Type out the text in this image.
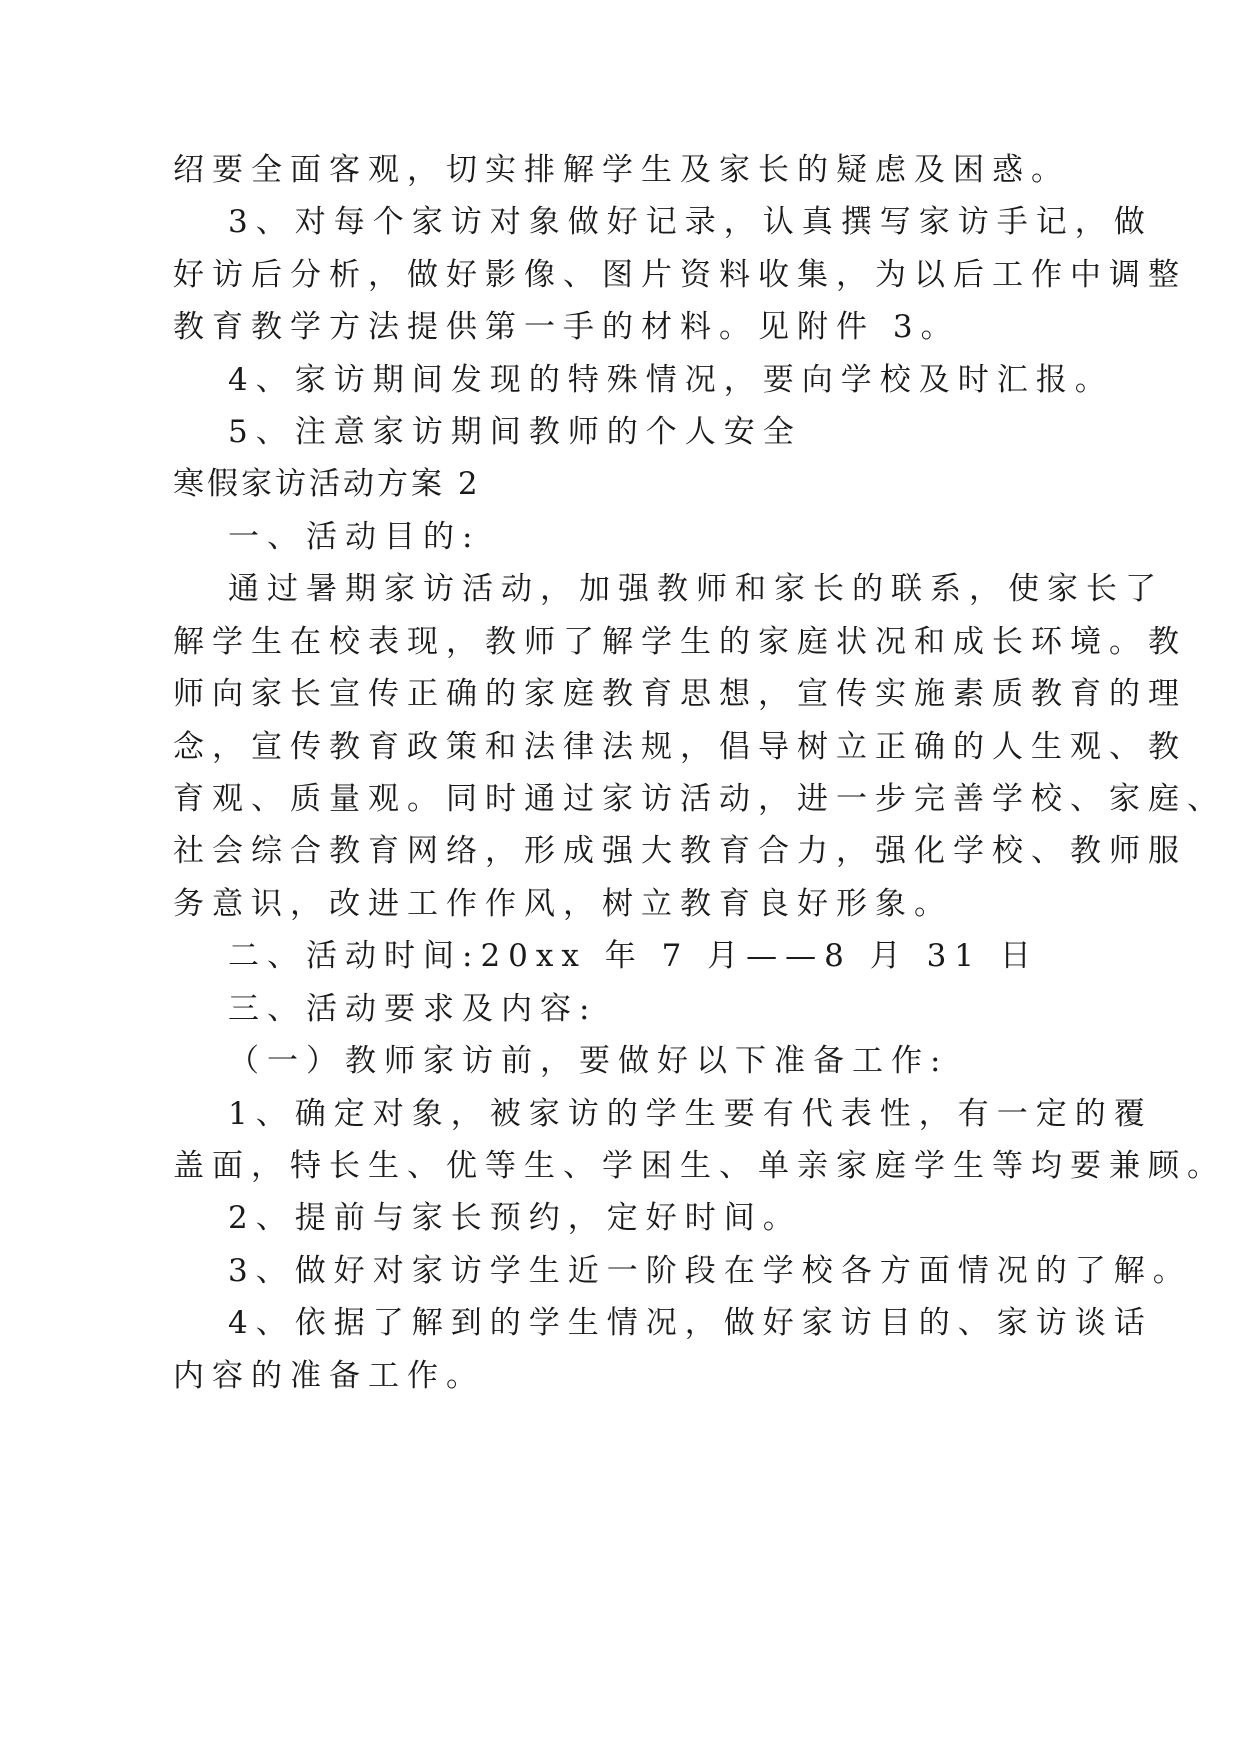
绍要全面客观，切实排解学生及家长的疑虑及困惑。
3、对每个家访对象做好记录，认真撰写家访手记，做
好访后分析，做好影像、图片资料收集，为以后工作中调整
教育教学方法提供第一手的材料。见附件 3。
4、家访期间发现的特殊情况，要向学校及时汇报。
5、注意家访期间教师的个人安全
寒假家访活动方案 2
一、活动目的:
通过暑期家访活动，加强教师和家长的联系，使家长了
解学生在校表现，教师了解学生的家庭状况和成长环境。教
师向家长宣传正确的家庭教育思想，宣传实施素质教育的理
念，宣传教育政策和法律法规，倡导树立正确的人生观、教
育观、质量观。同时通过家访活动，进一步完善学校、家庭、
社会综合教育网络，形成强大教育合力，强化学校、教师服
务意识，改进工作作风，树立教育良好形象。
二、活动时间:20xx 年 7 月——8 月 31 日
三、活动要求及内容:
（一）教师家访前，要做好以下准备工作:
1、确定对象，被家访的学生要有代表性，有一定的覆
盖面，特长生、优等生、学困生、单亲家庭学生等均要兼顾。
2、提前与家长预约，定好时间。
3、做好对家访学生近一阶段在学校各方面情况的了解。
4、依据了解到的学生情况，做好家访目的、家访谈话
内容的准备工作。
